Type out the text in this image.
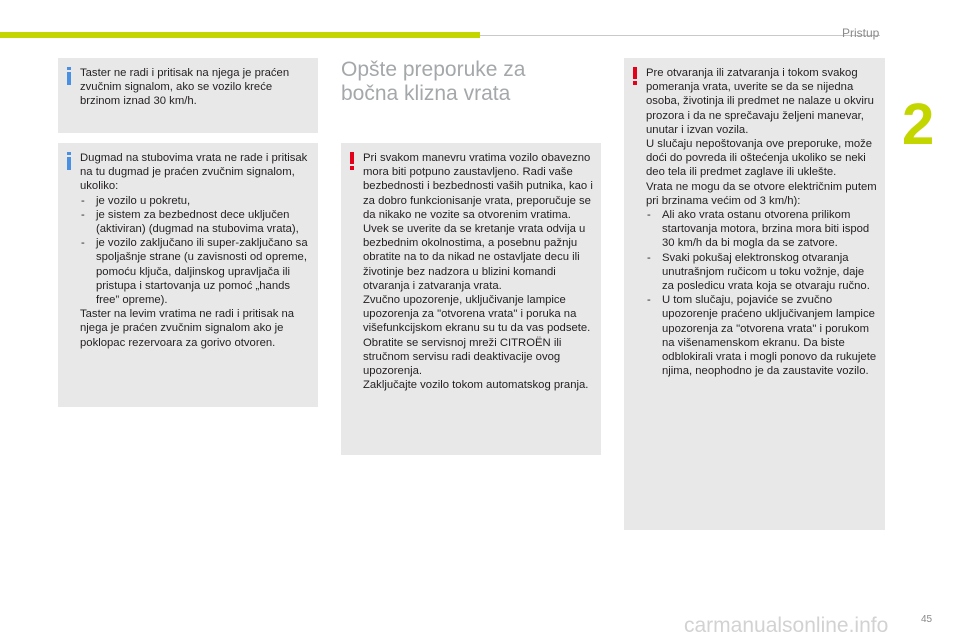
Pristup
2

Taster ne radi i pritisak na njega je praćen zvučnim signalom, ako se vozilo kreće brzinom iznad 30 km/h.

Dugmad na stubovima vrata ne rade i pritisak na tu dugmad je praćen zvučnim signalom, ukoliko:

- je vozilo u pokretu,
- je sistem za bezbednost dece uključen (aktiviran) (dugmad na stubovima vrata),
- je vozilo zaključano ili super-zaključano sa spoljašnje strane (u zavisnosti od opreme, pomoću ključa, daljinskog upravljača ili pristupa i startovanja uz pomoć „hands free” opreme).

Taster na levim vratima ne radi i pritisak na njega je praćen zvučnim signalom ako je poklopac rezervoara za gorivo otvoren.

Opšte preporuke za
bočna klizna vrata

Pri svakom manevru vratima vozilo obavezno mora biti potpuno zaustavljeno. Radi vaše bezbednosti i bezbednosti vaših putnika, kao i za dobro funkcionisanje vrata, preporučuje se da nikako ne vozite sa otvorenim vratima.

Uvek se uverite da se kretanje vrata odvija u bezbednim okolnostima, a posebnu pažnju obratite na to da nikad ne ostavljate decu ili životinje bez nadzora u blizini komandi otvaranja i zatvaranja vrata.

Zvučno upozorenje, uključivanje lampice upozorenja za "otvorena vrata" i poruka na višefunkcijskom ekranu su tu da vas podsete. Obratite se servisnoj mreži CITROËN ili stručnom servisu radi deaktivacije ovog upozorenja.

Zaključajte vozilo tokom automatskog pranja.

Pre otvaranja ili zatvaranja i tokom svakog pomeranja vrata, uverite se da se nijedna osoba, životinja ili predmet ne nalaze u okviru prozora i da ne sprečavaju željeni manevar, unutar i izvan vozila.

U slučaju nepoštovanja ove preporuke, može doći do povreda ili oštećenja ukoliko se neki deo tela ili predmet zaglave ili uklešte.

Vrata ne mogu da se otvore električnim putem pri brzinama većim od 3 km/h):

- Ali ako vrata ostanu otvorena prilikom startovanja motora, brzina mora biti ispod 30 km/h da bi mogla da se zatvore.
- Svaki pokušaj elektronskog otvaranja unutrašnjom ručicom u toku vožnje, daje za posledicu vrata koja se otvaraju ručno.
- U tom slučaju, pojaviće se zvučno upozorenje praćeno uključivanjem lampice upozorenja za "otvorena vrata" i porukom na višenamenskom ekranu. Da biste odblokirali vrata i mogli ponovo da rukujete njima, neophodno je da zaustavite vozilo.
carmanualsonline.info	45
